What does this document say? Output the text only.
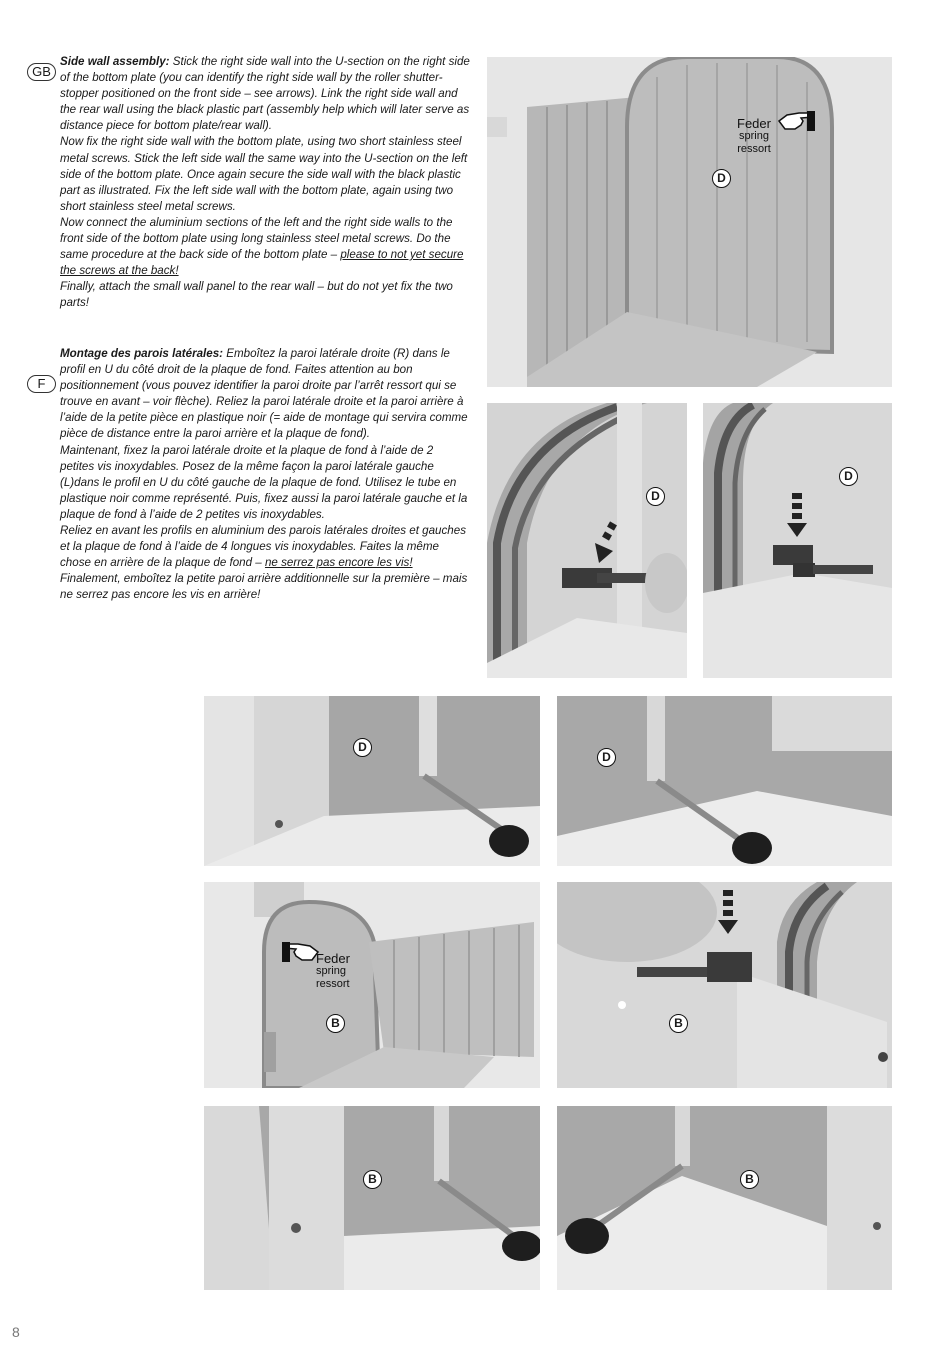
GB
F

Side wall assembly: Stick the right side wall into the U-section on the right side of the bottom plate (you can identify the right side wall by the roller shutter-stopper positioned on the front side – see arrows). Link the right side wall and the rear wall using the black plastic part (assembly help which will later serve as distance piece for bottom plate/rear wall).

Now fix the right side wall with the bottom plate, using two short stainless steel metal screws. Stick the left side wall the same way into the U-section on the left side of the bottom plate. Once again secure the side wall with the black plastic part as illustrated. Fix the left side wall with the bottom plate, again using two short stainless steel metal screws.

Now connect the aluminium sections of the left and the right side walls to the front side of the bottom plate using long stainless steel metal screws. Do the same procedure at the back side of the bottom plate – please to not yet secure the screws at the back!

Finally, attach the small wall panel to the rear wall – but do not yet fix the two parts!

Montage des parois latérales: Emboîtez la paroi latérale droite (R) dans le profil en U du côté droit de la plaque de fond. Faites attention au bon positionnement (vous pouvez identifier la paroi droite par l’arrêt ressort qui se trouve en avant – voir flèche). Reliez la paroi latérale droite et la paroi arrière à l’aide de la petite pièce en plastique noir (= aide de montage qui servira comme pièce de distance entre la paroi arrière et la plaque de fond).

Maintenant, fixez la paroi latérale droite et la plaque de fond à l’aide de 2 petites vis inoxydables. Posez de la même façon la paroi latérale gauche (L)dans le profil en U du côté gauche de la plaque de fond. Utilisez le tube en plastique noir comme représenté. Puis, fixez aussi la paroi latérale gauche et la plaque de fond à l’aide de 2 petites vis inoxydables.

Reliez en avant les profils en aluminium des parois latérales droites et gauches et la plaque de fond à l’aide de 4 longues vis inoxydables. Faites la même chose en arrière de la plaque de fond – ne serrez pas encore les vis!

Finalement, emboîtez la petite paroi arrière additionnelle sur la première – mais ne serrez pas encore les vis en arrière!

D
Feder
spring
ressort
D
D
D
D
Feder
spring
ressort
B	B
B	B
8
